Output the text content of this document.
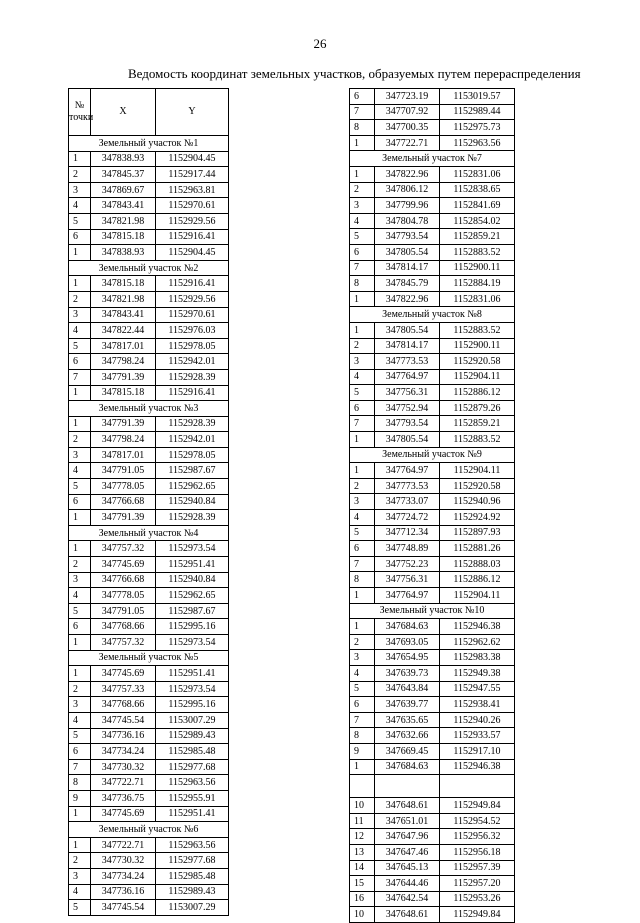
26
Ведомость координат земельных участков, образуемых путем перераспределения
№ точки	X	Y
Земельный участок №1		
1	347838.93	1152904.45
2	347845.37	1152917.44
3	347869.67	1152963.81
4	347843.41	1152970.61
5	347821.98	1152929.56
6	347815.18	1152916.41
1	347838.93	1152904.45
Земельный участок №2		
1	347815.18	1152916.41
2	347821.98	1152929.56
3	347843.41	1152970.61
4	347822.44	1152976.03
5	347817.01	1152978.05
6	347798.24	1152942.01
7	347791.39	1152928.39
1	347815.18	1152916.41
Земельный участок №3		
1	347791.39	1152928.39
2	347798.24	1152942.01
3	347817.01	1152978.05
4	347791.05	1152987.67
5	347778.05	1152962.65
6	347766.68	1152940.84
1	347791.39	1152928.39
Земельный участок №4		
1	347757.32	1152973.54
2	347745.69	1152951.41
3	347766.68	1152940.84
4	347778.05	1152962.65
5	347791.05	1152987.67
6	347768.66	1152995.16
1	347757.32	1152973.54
Земельный участок №5		
1	347745.69	1152951.41
2	347757.33	1152973.54
3	347768.66	1152995.16
4	347745.54	1153007.29
5	347736.16	1152989.43
6	347734.24	1152985.48
7	347730.32	1152977.68
8	347722.71	1152963.56
9	347736.75	1152955.91
1	347745.69	1152951.41
Земельный участок №6		
1	347722.71	1152963.56
2	347730.32	1152977.68
3	347734.24	1152985.48
4	347736.16	1152989.43
5	347745.54	1153007.29
6	347723.19	1153019.57
7	347707.92	1152989.44
8	347700.35	1152975.73
1	347722.71	1152963.56
Земельный участок №7		
1	347822.96	1152831.06
2	347806.12	1152838.65
3	347799.96	1152841.69
4	347804.78	1152854.02
5	347793.54	1152859.21
6	347805.54	1152883.52
7	347814.17	1152900.11
8	347845.79	1152884.19
1	347822.96	1152831.06
Земельный участок №8		
1	347805.54	1152883.52
2	347814.17	1152900.11
3	347773.53	1152920.58
4	347764.97	1152904.11
5	347756.31	1152886.12
6	347752.94	1152879.26
7	347793.54	1152859.21
1	347805.54	1152883.52
Земельный участок №9		
1	347764.97	1152904.11
2	347773.53	1152920.58
3	347733.07	1152940.96
4	347724.72	1152924.92
5	347712.34	1152897.93
6	347748.89	1152881.26
7	347752.23	1152888.03
8	347756.31	1152886.12
1	347764.97	1152904.11
Земельный участок №10		
1	347684.63	1152946.38
2	347693.05	1152962.62
3	347654.95	1152983.38
4	347639.73	1152949.38
5	347643.84	1152947.55
6	347639.77	1152938.41
7	347635.65	1152940.26
8	347632.66	1152933.57
9	347669.45	1152917.10
1	347684.63	1152946.38

10	347648.61	1152949.84
11	347651.01	1152954.52
12	347647.96	1152956.32
13	347647.46	1152956.18
14	347645.13	1152957.39
15	347644.46	1152957.20
16	347642.54	1152953.26
10	347648.61	1152949.84
